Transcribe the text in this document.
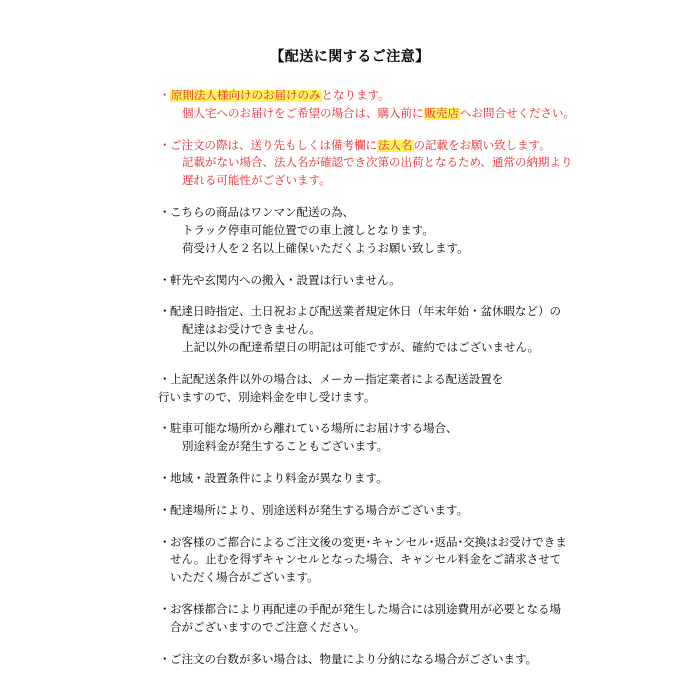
【配送に関するご注意】
・ 原則法人様向けのお届けのみとなります。
個人宅へのお届けをご希望の場合は、購入前に販売店へお問合せください。
・ ご注文の際は、送り先もしくは備考欄に法人名の記載をお願い致します。
記載がない場合、法人名が確認でき次第の出荷となるため、通常の納期より
遅れる可能性がございます。
・ こちらの商品はワンマン配送の為、
トラック停車可能位置での車上渡しとなります。
荷受け人を２名以上確保いただくようお願い致します。
・ 軒先や玄関内への搬入・設置は行いません。
・ 配達日時指定、土日祝および配送業者規定休日（年末年始・盆休暇など）の
配達はお受けできません。
上記以外の配達希望日の明記は可能ですが、確約ではございません。
・ 上記配送条件以外の場合は、メーカー指定業者による配送設置を
行いますので、別途料金を申し受けます。
・ 駐車可能な場所から離れている場所にお届けする場合、
別途料金が発生することもございます。
・ 地域・設置条件により料金が異なります。
・ 配達場所により、別途送料が発生する場合がございます。
・ お客様のご都合によるご注文後の変更･キャンセル･返品･交換はお受けできま
せん。止むを得ずキャンセルとなった場合、キャンセル料金をご請求させて
いただく場合がございます。
・ お客様都合により再配達の手配が発生した場合には別途費用が必要となる場
合がございますのでご注意ください。
・ ご注文の台数が多い場合は、物量により分納になる場合がございます。
